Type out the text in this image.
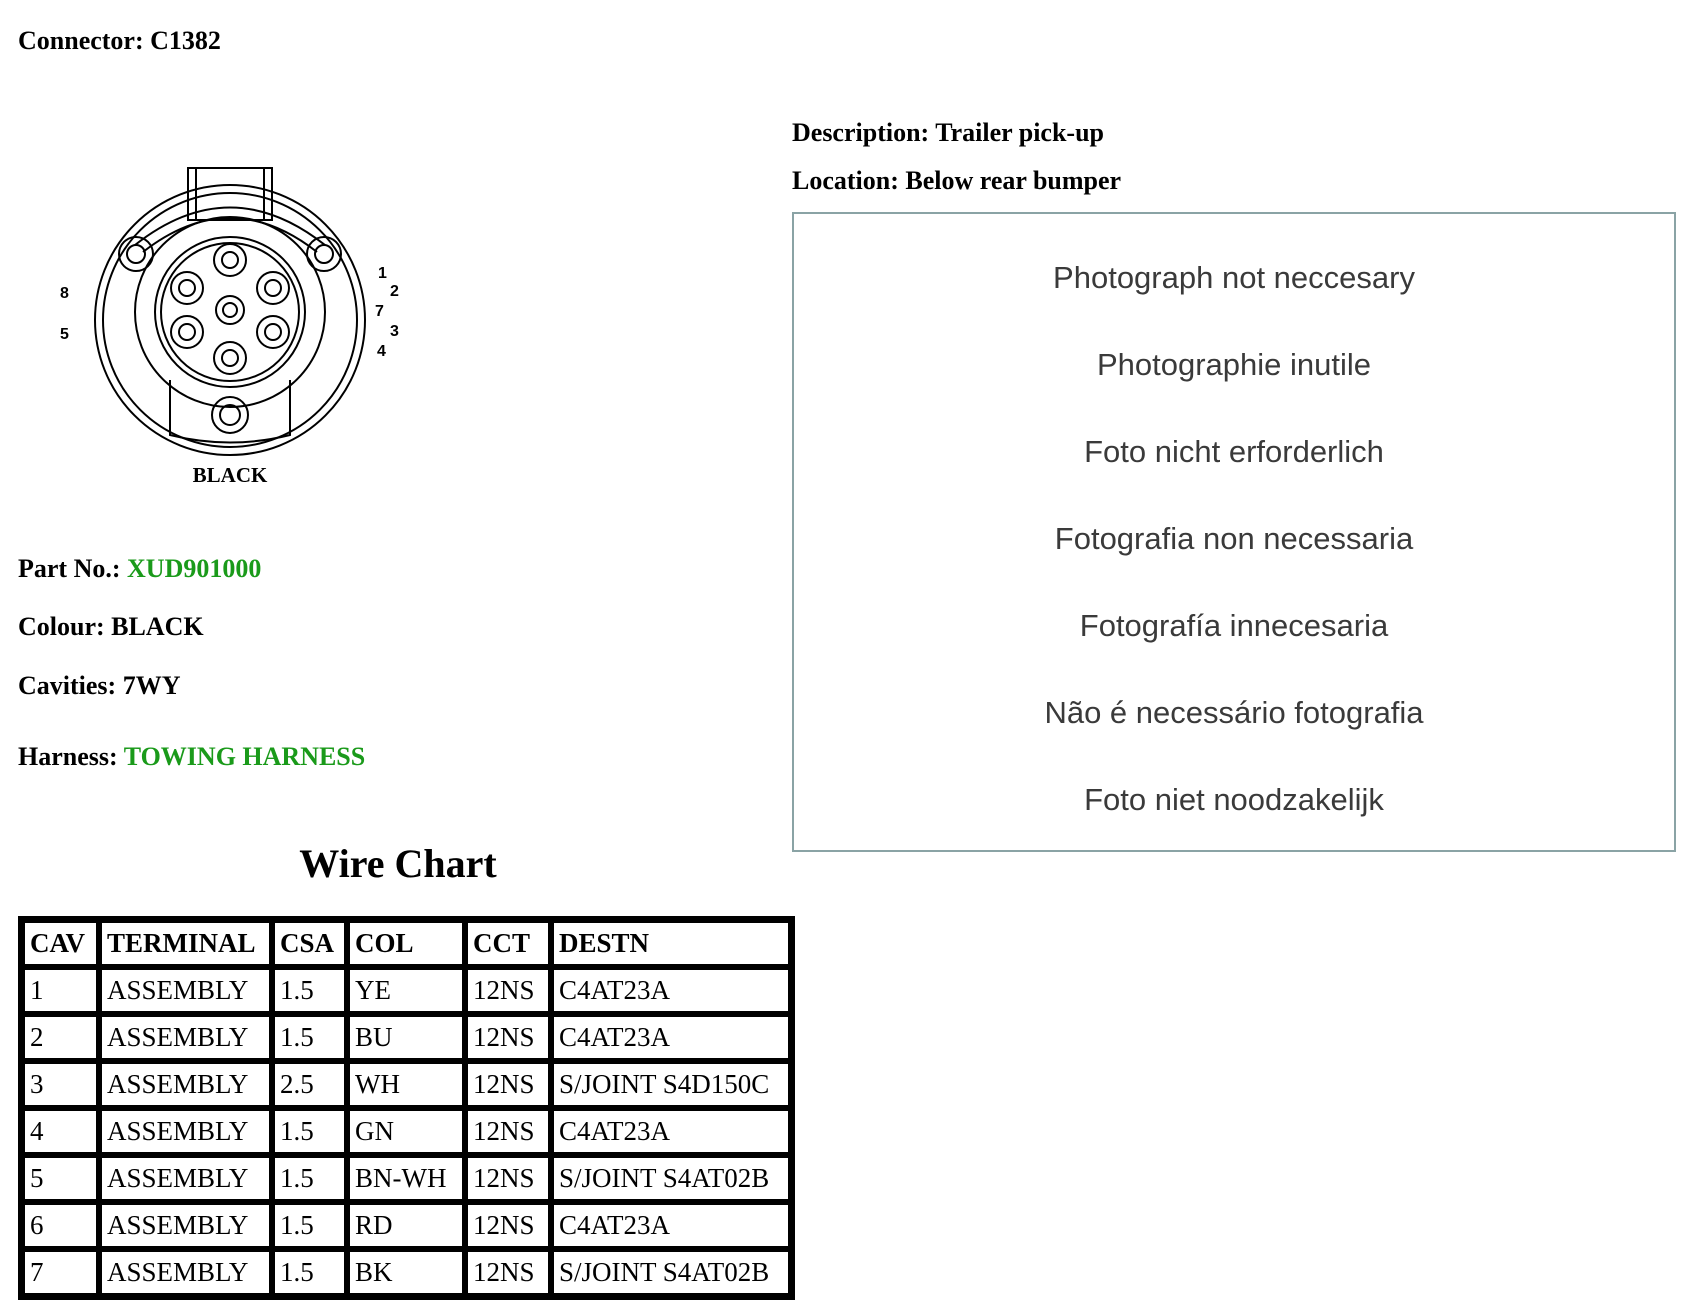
Connector: C1382
Description: Trailer pick-up
Location: Below rear bumper
1
2
7
3
4
8
5
BLACK
Part No.: XUD901000
Colour: BLACK
Cavities: 7WY
Harness: TOWING HARNESS
Photograph not neccesary
Photographie inutile
Foto nicht erforderlich
Fotografia non necessaria
Fotografía innecesaria
Não é necessário fotografia
Foto niet noodzakelijk
Wire Chart
CAV	TERMINAL	CSA	COL	CCT	DESTN
1	ASSEMBLY	1.5	YE	12NS	C4AT23A
2	ASSEMBLY	1.5	BU	12NS	C4AT23A
3	ASSEMBLY	2.5	WH	12NS	S/JOINT S4D150C
4	ASSEMBLY	1.5	GN	12NS	C4AT23A
5	ASSEMBLY	1.5	BN-WH	12NS	S/JOINT S4AT02B
6	ASSEMBLY	1.5	RD	12NS	C4AT23A
7	ASSEMBLY	1.5	BK	12NS	S/JOINT S4AT02B
